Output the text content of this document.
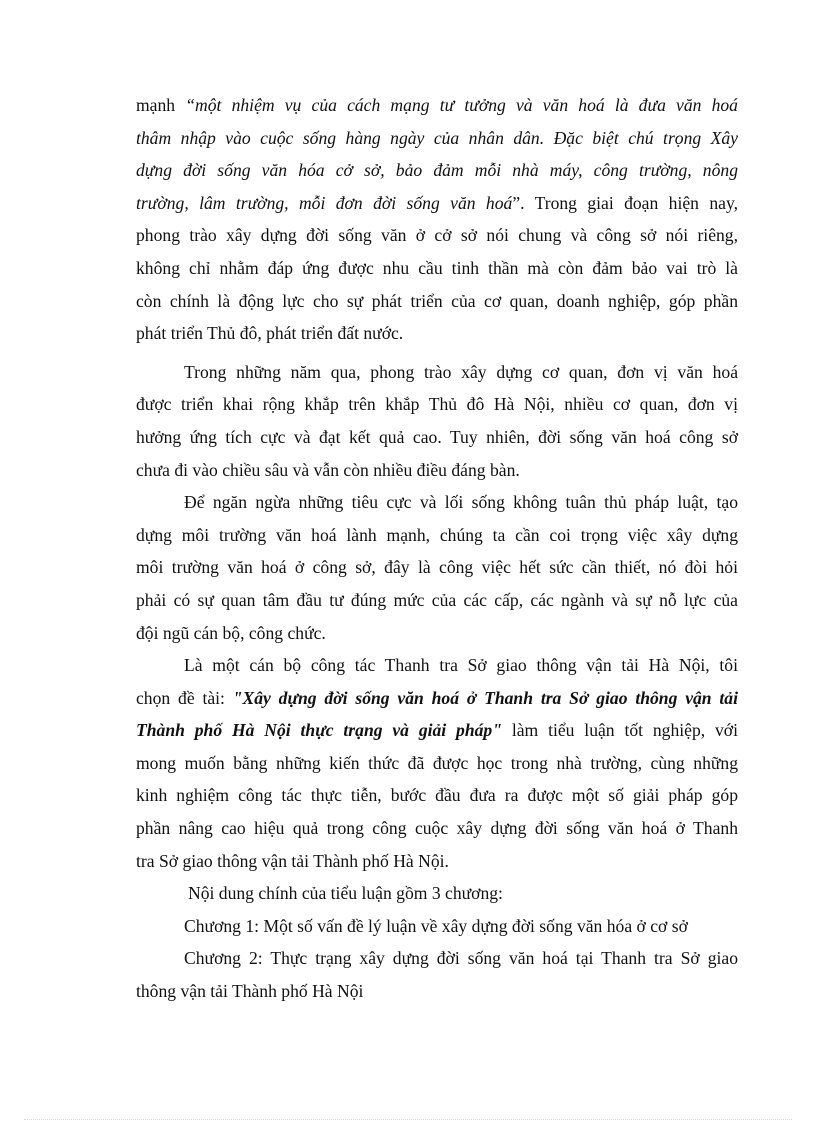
mạnh “một nhiệm vụ của cách mạng tư tưởng và văn hoá là đưa văn hoá
thâm nhập vào cuộc sống hàng ngày của nhân dân. Đặc biệt chú trọng Xây
dựng đời sống văn hóa cở sở, bảo đảm mỗi nhà máy, công trường, nông
trường, lâm trường, mỗi đơn đời sống văn hoá”. Trong giai đoạn hiện nay,
phong trào xây dựng đời sống văn ở cở sở nói chung và công sở nói riêng,
không chỉ nhằm đáp ứng được nhu cầu tinh thần mà còn đảm bảo vai trò là
còn chính là động lực cho sự phát triển của cơ quan, doanh nghiệp, góp phần
phát triển Thủ đô, phát triển đất nước.

Trong những năm qua, phong trào xây dựng cơ quan, đơn vị văn hoá
được triển khai rộng khắp trên khắp Thủ đô Hà Nội, nhiều cơ quan, đơn vị
hưởng ứng tích cực và đạt kết quả cao. Tuy nhiên, đời sống văn hoá công sở
chưa đi vào chiều sâu và vẫn còn nhiều điều đáng bàn.

Để ngăn ngừa những tiêu cực và lối sống không tuân thủ pháp luật, tạo
dựng môi trường văn hoá lành mạnh, chúng ta cần coi trọng việc xây dựng
môi trường văn hoá ở công sở, đây là công việc hết sức cần thiết, nó đòi hỏi
phải có sự quan tâm đầu tư đúng mức của các cấp, các ngành và sự nỗ lực của
đội ngũ cán bộ, công chức.

Là một cán bộ công tác Thanh tra Sở giao thông vận tải Hà Nội, tôi
chọn đề tài: "Xây dựng đời sống văn hoá ở Thanh tra Sở giao thông vận tải
Thành phố Hà Nội thực trạng và giải pháp" làm tiểu luận tốt nghiệp, với
mong muốn bằng những kiến thức đã được học trong nhà trường, cùng những
kinh nghiệm công tác thực tiễn, bước đầu đưa ra được một số giải pháp góp
phần nâng cao hiệu quả trong công cuộc xây dựng đời sống văn hoá ở Thanh
tra Sở giao thông vận tải Thành phố Hà Nội.

Nội dung chính của tiểu luận gồm 3 chương:

Chương 1: Một số vấn đề lý luận về xây dựng đời sống văn hóa ở cơ sở

Chương 2: Thực trạng xây dựng đời sống văn hoá tại Thanh tra Sở giao
thông vận tải Thành phố Hà Nội
